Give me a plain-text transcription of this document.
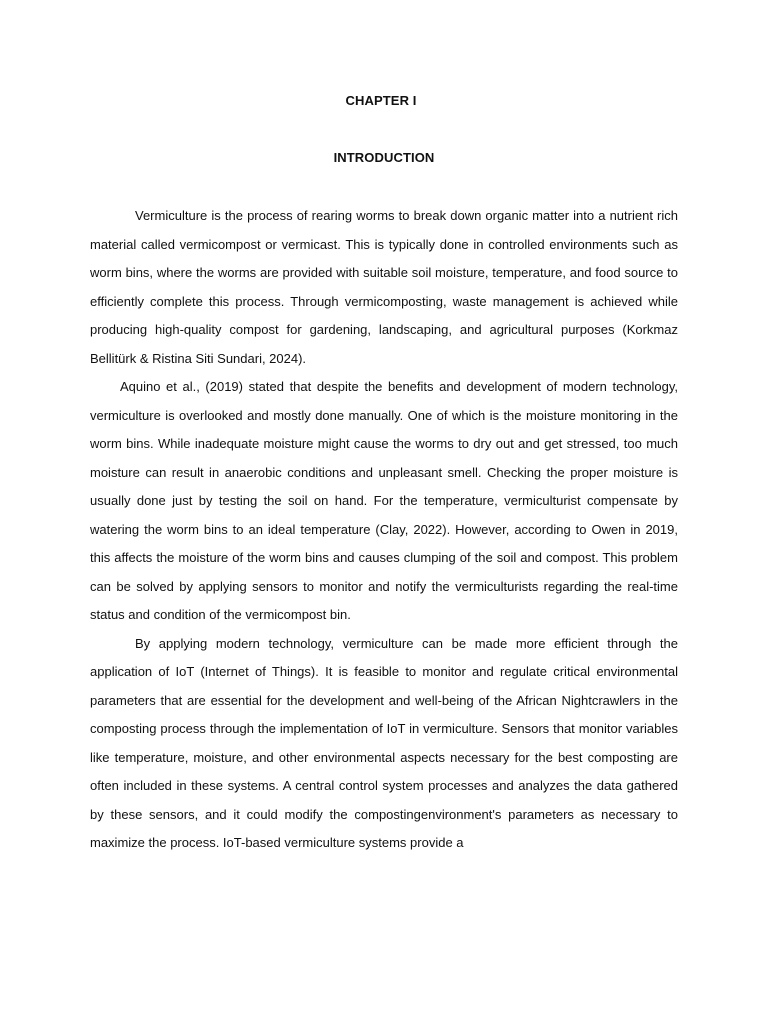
CHAPTER I
INTRODUCTION

Vermiculture is the process of rearing worms to break down organic matter into a nutrient rich material called vermicompost or vermicast. This is typically done in controlled environments such as worm bins, where the worms are provided with suitable soil moisture, temperature, and food source to efficiently complete this process. Through vermicomposting, waste management is achieved while producing high-quality compost for gardening, landscaping, and agricultural purposes (Korkmaz Bellitürk & Ristina Siti Sundari, 2024).

Aquino et al., (2019) stated that despite the benefits and development of modern technology, vermiculture is overlooked and mostly done manually. One of which is the moisture monitoring in the worm bins. While inadequate moisture might cause the worms to dry out and get stressed, too much moisture can result in anaerobic conditions and unpleasant smell. Checking the proper moisture is usually done just by testing the soil on hand. For the temperature, vermiculturist compensate by watering the worm bins to an ideal temperature (Clay, 2022). However, according to Owen in 2019, this affects the moisture of the worm bins and causes clumping of the soil and compost. This problem can be solved by applying sensors to monitor and notify the vermiculturists regarding the real-time status and condition of the vermicompost bin.

By applying modern technology, vermiculture can be made more efficient through the application of IoT (Internet of Things). It is feasible to monitor and regulate critical environmental parameters that are essential for the development and well-being of the African Nightcrawlers in the composting process through the implementation of IoT in vermiculture. Sensors that monitor variables like temperature, moisture, and other environmental aspects necessary for the best composting are often included in these systems. A central control system processes and analyzes the data gathered by these sensors, and it could modify the compostingenvironment's parameters as necessary to maximize the process. IoT-based vermiculture systems provide a
